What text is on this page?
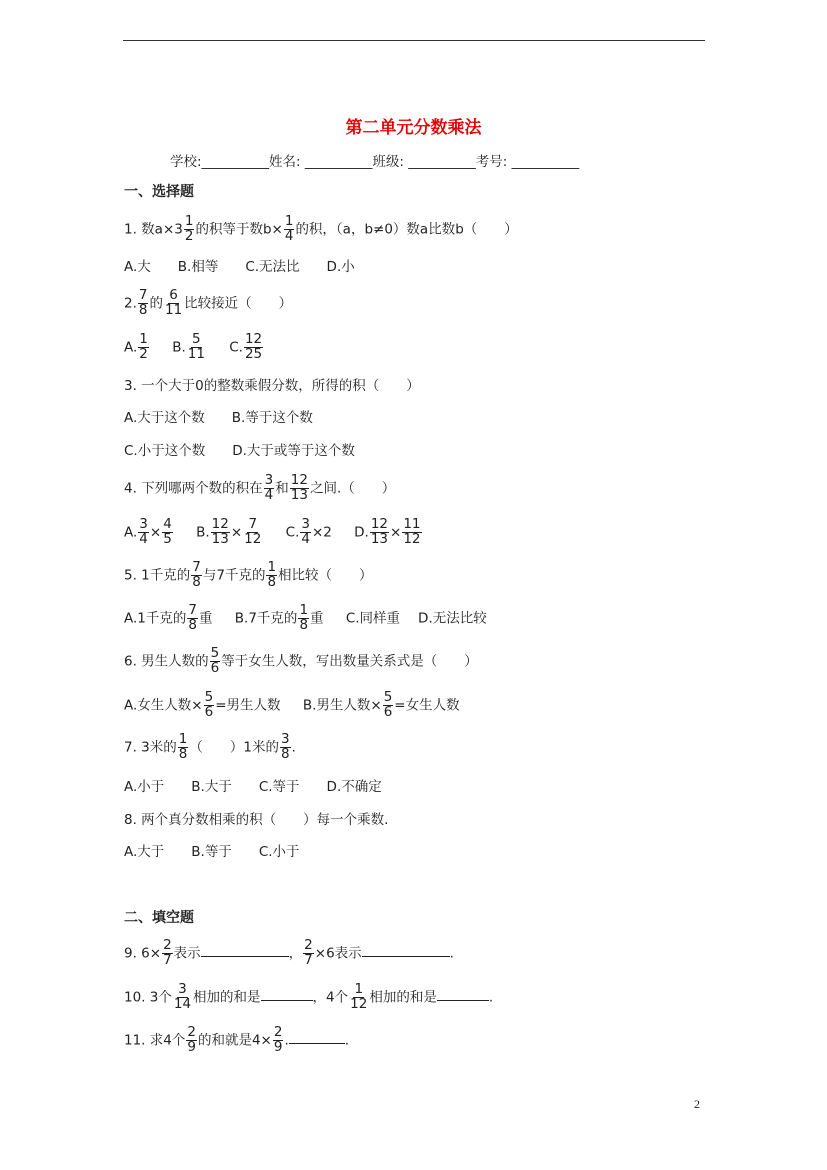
第二单元分数乘法
学校:__________姓名: __________班级: __________考号: __________
一、选择题
1. 数$a\times 3 \frac{1}{2}$ 的积等于数$b\times \frac{1}{4}$ 的积，（a，b≠0）数a比数b（　　）
A.大　　B.相等　　C.无法比　　D.小
2. $\frac{7}{8}$ 的 $\frac{6}{11}$ 比较接近（　　）
A. $\frac{1}{2} B$. $\frac{5}{11} C$. $\frac{12}{25}$
3. 一个大于0的整数乘假分数，所得的积（　　）
A.大于这个数　　B.等于这个数
C.小于这个数　　D.大于或等于这个数
4. 下列哪两个数的积在 $\frac{3}{4}$ 和 $\frac{12}{13}$ 之间.（　　）
A. $\frac{3}{4} \times \frac{4}{5} B$. $\frac{12}{13} \times \frac{7}{12} C$. $\frac{3}{4} \times 2$ D. $\frac{12}{13} \times \frac{11}{12}$
5. 1千克的 $\frac{7}{8}$ 与7千克的 $\frac{1}{8}$ 相比较（　　）
A.1千克的 $\frac{7}{8}$ 重 B.7千克的 $\frac{1}{8}$ 重 C.同样重 D.无法比较
6. 男生人数的 $\frac{5}{6}$ 等于女生人数，写出数量关系式是（　　）
A.女生人数× $\frac{5}{6}$ =男生人数 B.男生人数× $\frac{5}{6}$ =女生人数
7. 3米的 $\frac{1}{8}$ （　　）1米的 $\frac{3}{8}$ .
A.小于　　B.大于　　C.等于　　D.不确定
8. 两个真分数相乘的积（　　）每一个乘数.
A.大于　　B.等于　　C.小于
二、填空题
9. $6\times \frac{2}{7}$ 表示	， $\frac{2}{7} \times 6$表示	.
10. 3个 $\frac{3}{14}$ 相加的和是	，4个 $\frac{1}{12}$ 相加的和是	.
11. 求4个 $\frac{2}{9}$ 的和就是$4\times \frac{2}{9}$ .	.
2
